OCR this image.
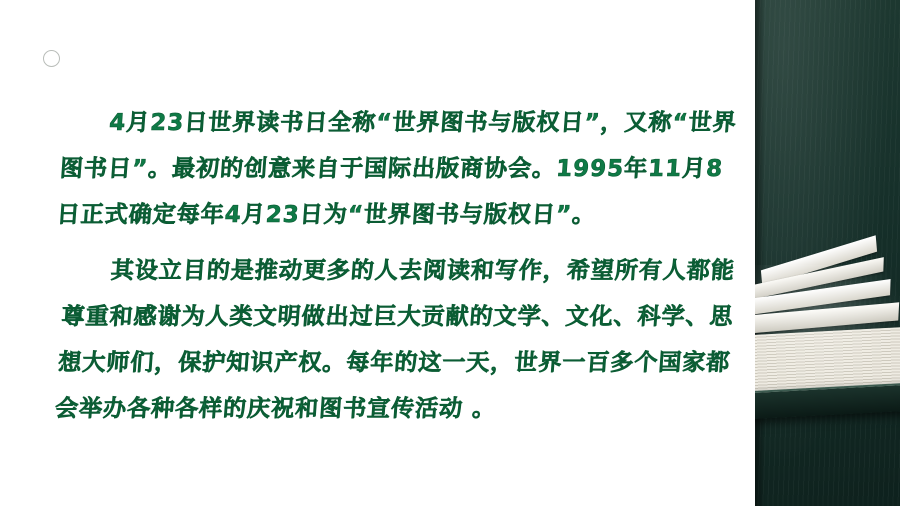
4月23日世界读书日全称“世界图书与版权日”，又称“世界图书日”。最初的创意来自于国际出版商协会。1995年11月8日正式确定每年4月23日为“世界图书与版权日”。

其设立目的是推动更多的人去阅读和写作，希望所有人都能尊重和感谢为人类文明做出过巨大贡献的文学、文化、科学、思想大师们，保护知识产权。每年的这一天，世界一百多个国家都会举办各种各样的庆祝和图书宣传活动 。
